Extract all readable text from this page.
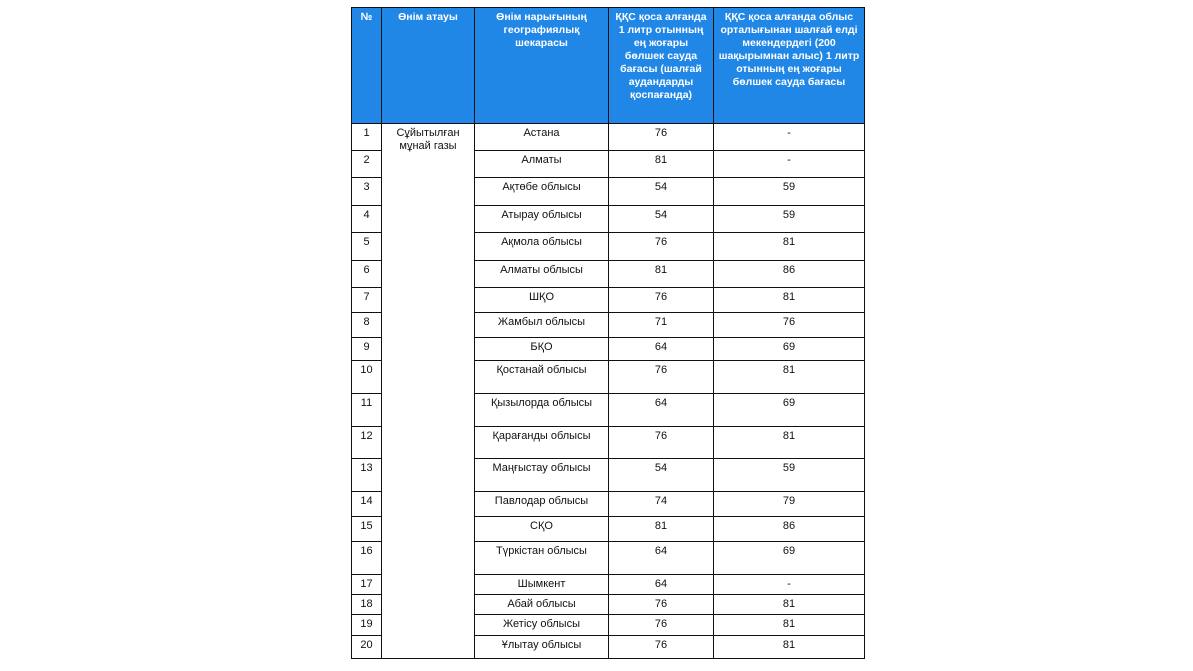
№	Өнім атауы	Өнім нарығының географиялық шекарасы	ҚҚС қоса алғанда 1 литр отынның ең жоғары бөлшек сауда бағасы (шалғай аудандарды қоспағанда)	ҚҚС қоса алғанда облыс орталығынан шалғай елді мекендердегі (200 шақырымнан алыс) 1 литр отынның ең жоғары бөлшек сауда бағасы
1	Сұйытылған мұнай газы	Астана	76	-
2		Алматы	81	-
3		Ақтөбе облысы	54	59
4		Атырау облысы	54	59
5		Ақмола облысы	76	81
6		Алматы облысы	81	86
7		ШҚО	76	81
8		Жамбыл облысы	71	76
9		БҚО	64	69
10		Қостанай облысы	76	81
11		Қызылорда облысы	64	69
12		Қарағанды облысы	76	81
13		Маңғыстау облысы	54	59
14		Павлодар облысы	74	79
15		СҚО	81	86
16		Түркістан облысы	64	69
17		Шымкент	64	-
18		Абай облысы	76	81
19		Жетісу облысы	76	81
20		Ұлытау облысы	76	81
